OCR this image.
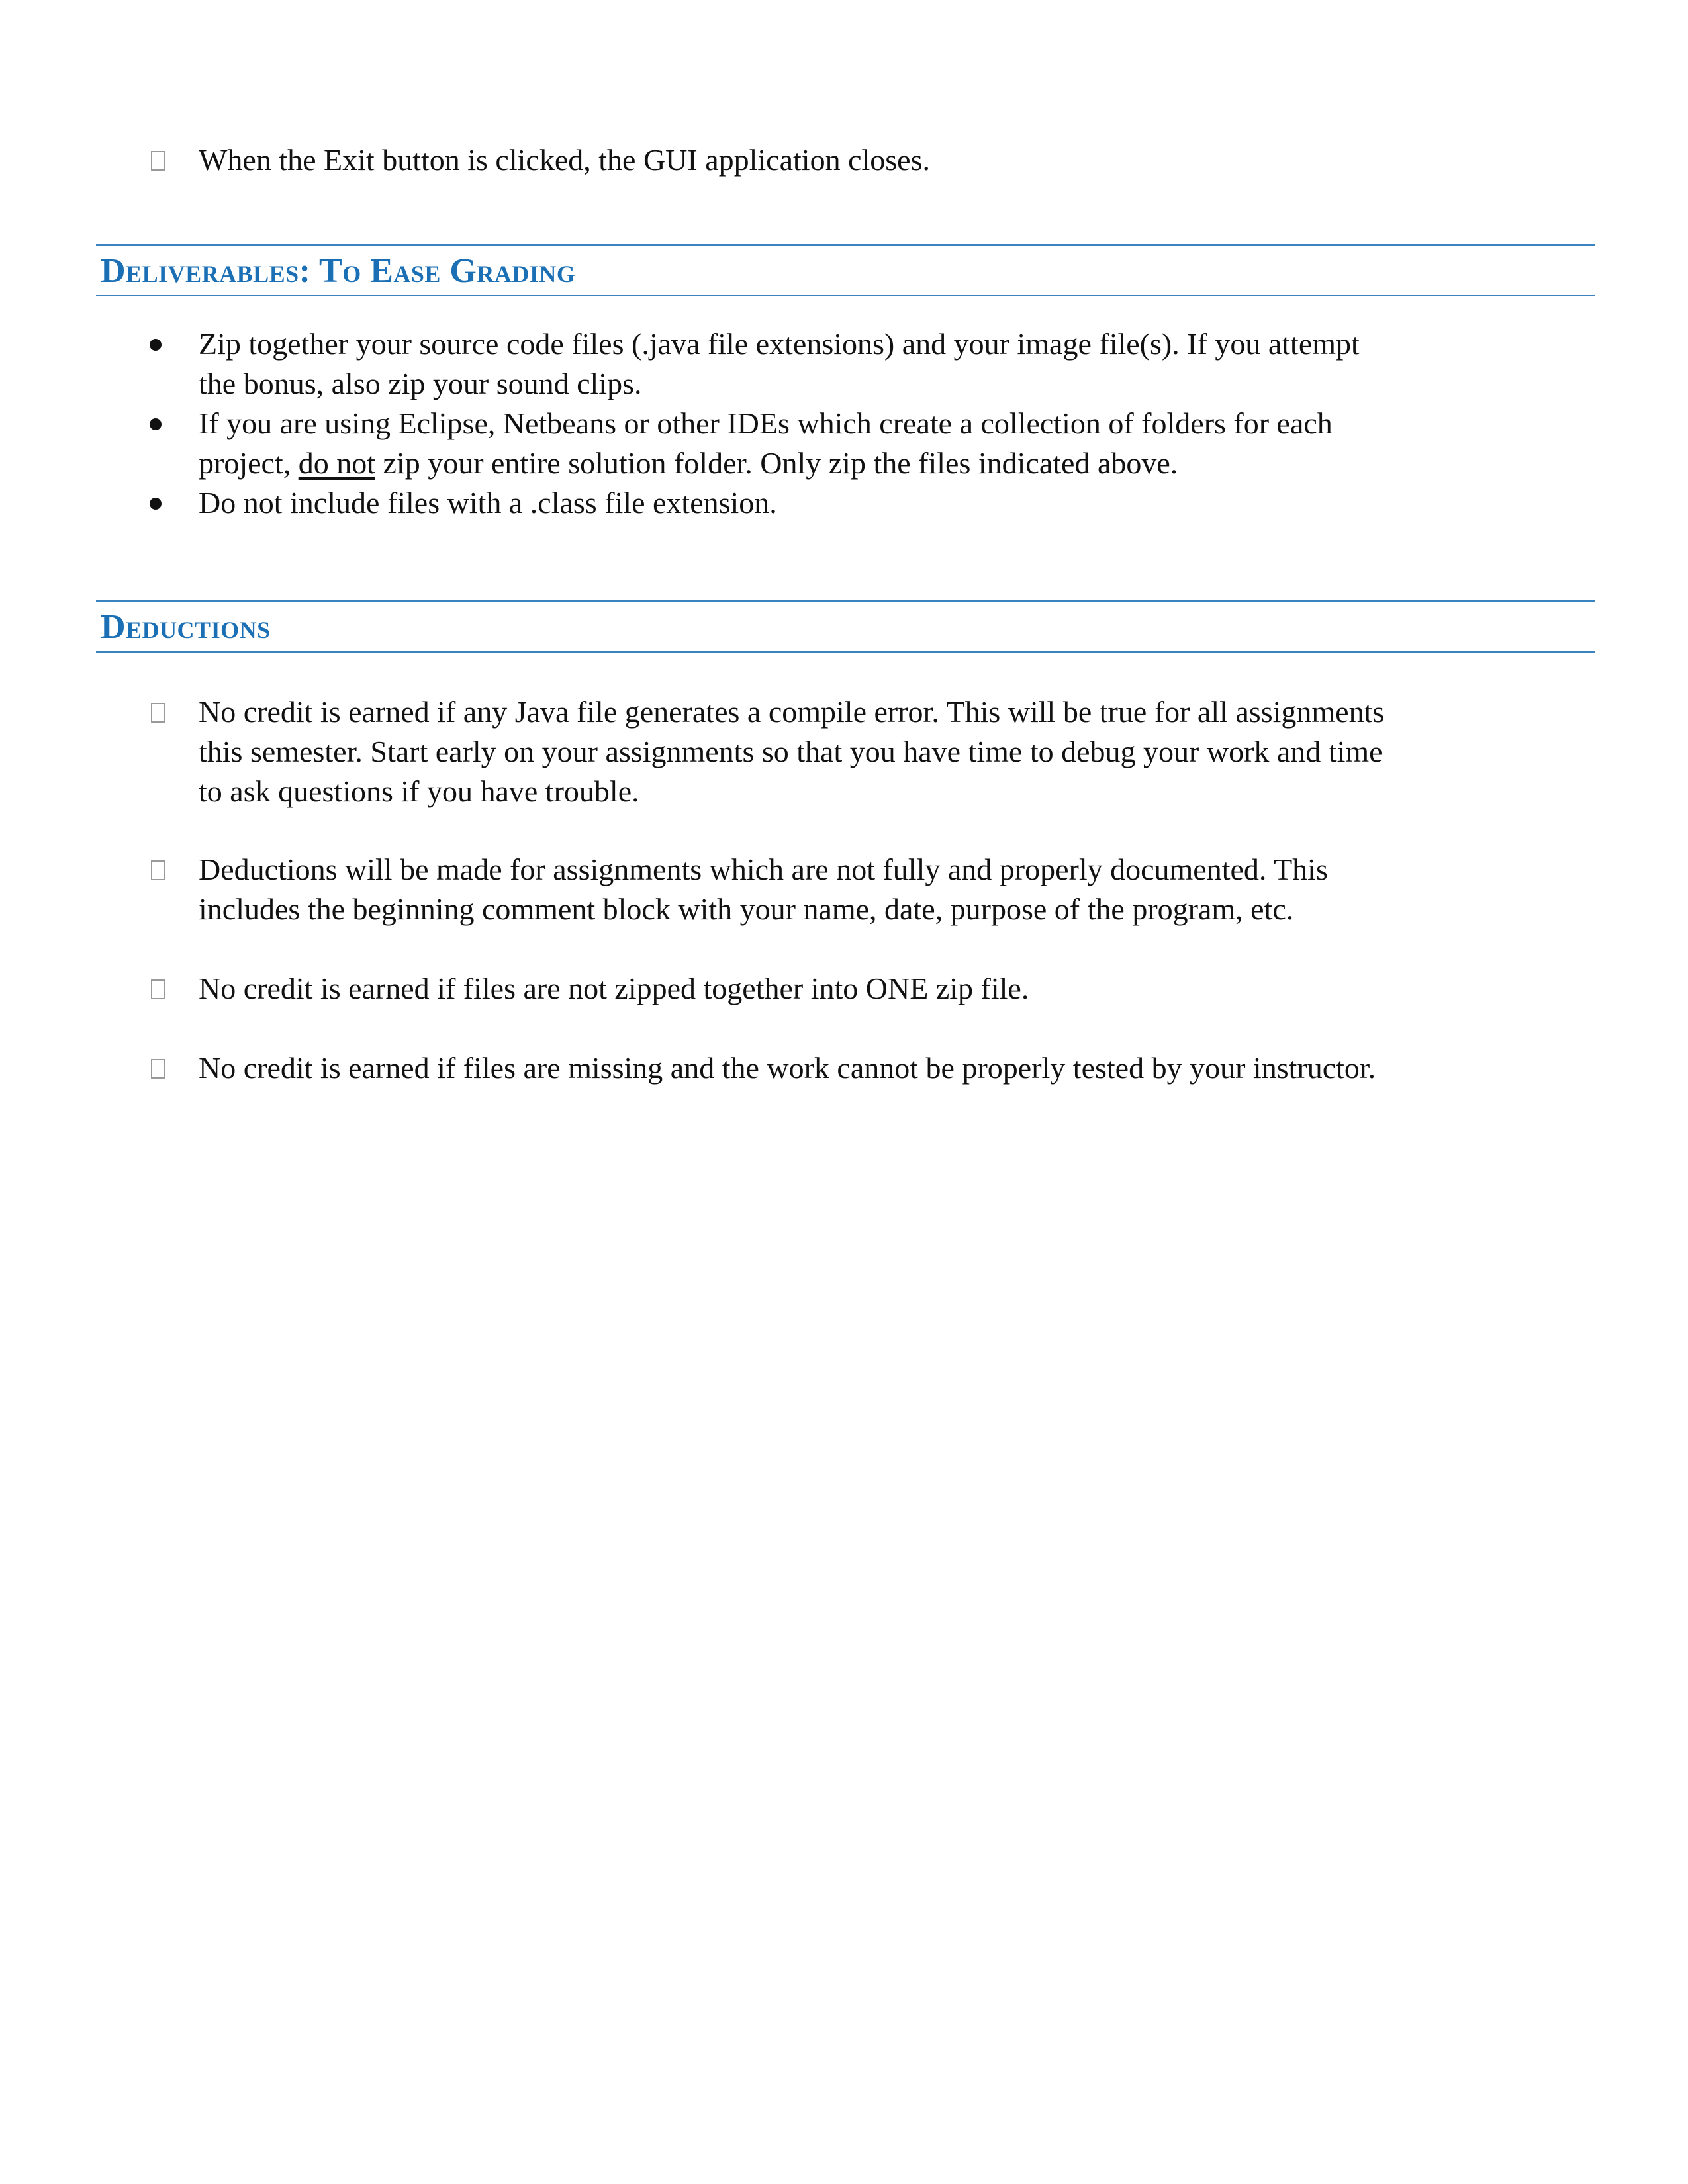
When the Exit button is clicked, the GUI application closes.
Deliverables: To Ease Grading
Zip together your source code files (.java file extensions) and your image file(s). If you attempt
the bonus, also zip your sound clips.
If you are using Eclipse, Netbeans or other IDEs which create a collection of folders for each
project, do not zip your entire solution folder. Only zip the files indicated above.
Do not include files with a .class file extension.
Deductions
No credit is earned if any Java file generates a compile error. This will be true for all assignments
this semester. Start early on your assignments so that you have time to debug your work and time
to ask questions if you have trouble.
Deductions will be made for assignments which are not fully and properly documented. This
includes the beginning comment block with your name, date, purpose of the program, etc.
No credit is earned if files are not zipped together into ONE zip file.
No credit is earned if files are missing and the work cannot be properly tested by your instructor.
